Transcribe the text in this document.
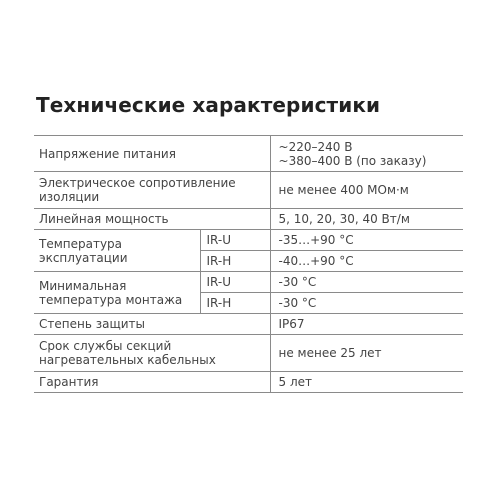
Технические характеристики
Напряжение питания		~220–240 В
~380–400 В (по заказу)

Электрическое сопротивление
изоляции		не менее 400 МОм·м

Линейная мощность		5, 10, 20, 30, 40 Вт/м

Температура
эксплуатации	IR-U	-35…+90 °С
	IR-H	-40…+90 °С

Минимальная
температура монтажа	IR-U	-30 °С
	IR-H	-30 °С

Степень защиты		IP67

Срок службы секций
нагревательных кабельных		не менее 25 лет

Гарантия		5 лет
